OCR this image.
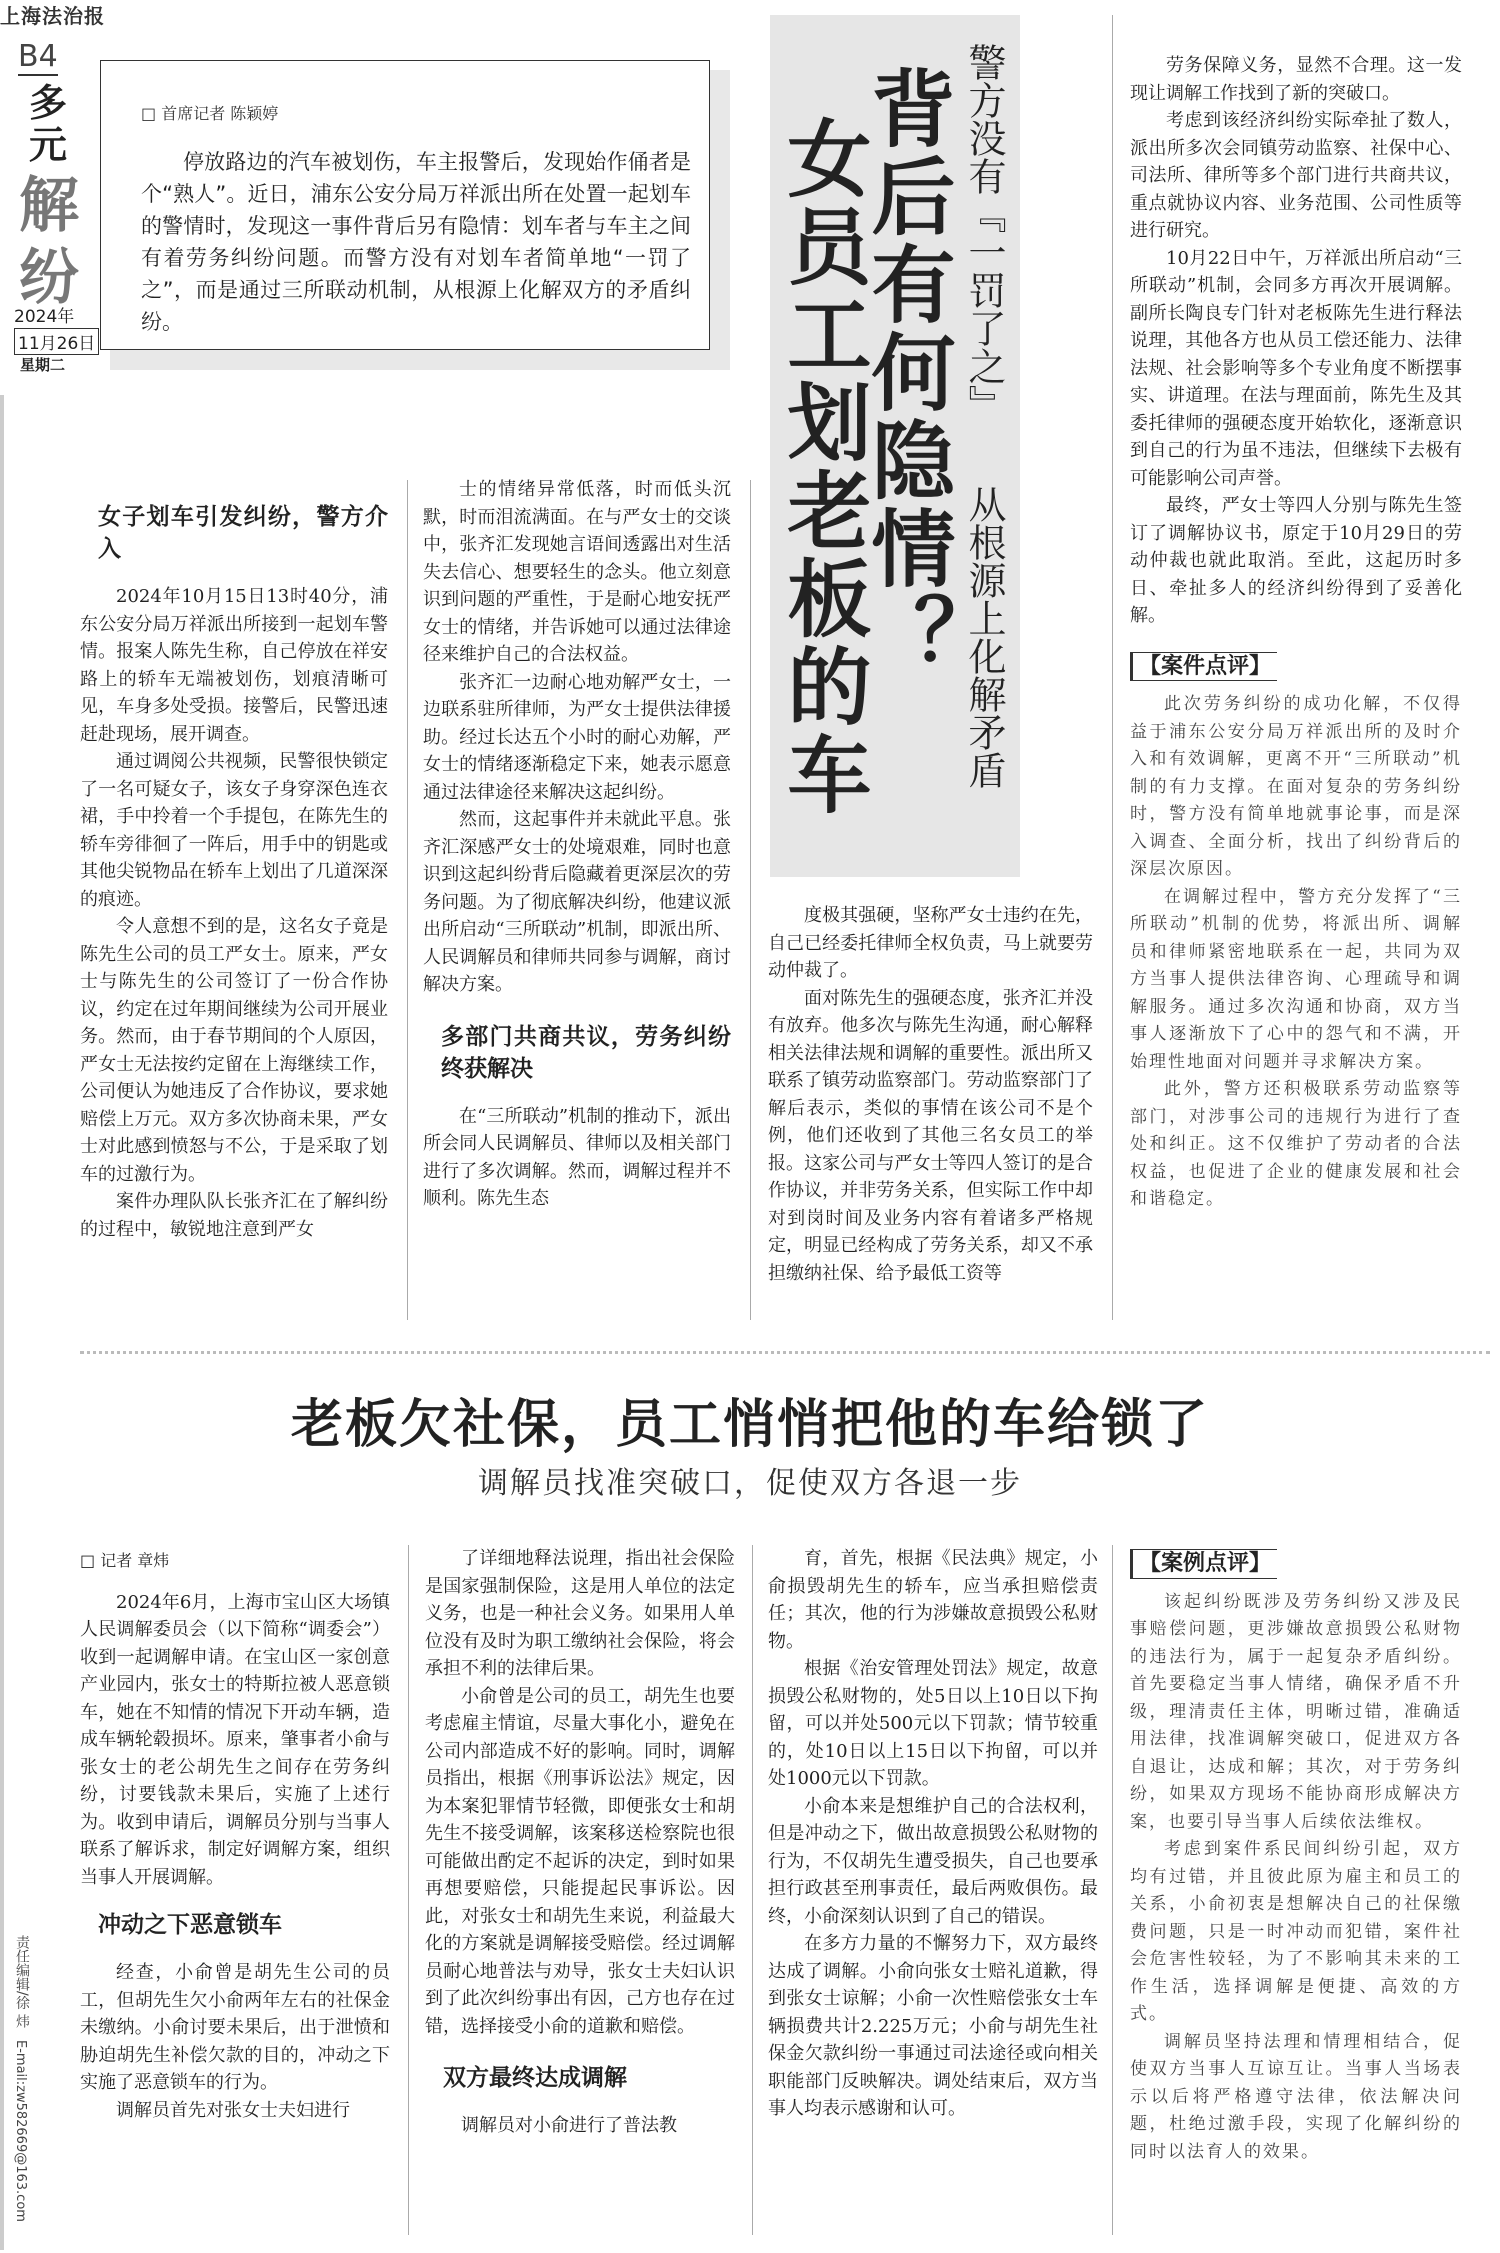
上海法治报
B4
多元
解纷
2024年
11月26日
星期二
责任编辑/徐 炜
E-mail:zw582669@163.com
□ 首席记者 陈颖婷

停放路边的汽车被划伤，车主报警后，发现始作俑者是个“熟人”。近日，浦东公安分局万祥派出所在处置一起划车的警情时，发现这一事件背后另有隐情：划车者与车主之间有着劳务纠纷问题。而警方没有对划车者简单地“一罚了之”，而是通过三所联动机制，从根源上化解双方的矛盾纠纷。	警方没有『一罚了之』
从根源上化解矛盾
背后有何隐情？
女员工划老板的车
女子划车引发纠纷，警方介入

2024年10月15日13时40分，浦东公安分局万祥派出所接到一起划车警情。报案人陈先生称，自己停放在祥安路上的轿车无端被划伤，划痕清晰可见，车身多处受损。接警后，民警迅速赶赴现场，展开调查。

通过调阅公共视频，民警很快锁定了一名可疑女子，该女子身穿深色连衣裙，手中拎着一个手提包，在陈先生的轿车旁徘徊了一阵后，用手中的钥匙或其他尖锐物品在轿车上划出了几道深深的痕迹。

令人意想不到的是，这名女子竟是陈先生公司的员工严女士。原来，严女士与陈先生的公司签订了一份合作协议，约定在过年期间继续为公司开展业务。然而，由于春节期间的个人原因，严女士无法按约定留在上海继续工作，公司便认为她违反了合作协议，要求她赔偿上万元。双方多次协商未果，严女士对此感到愤怒与不公，于是采取了划车的过激行为。

案件办理队队长张齐汇在了解纠纷的过程中，敏锐地注意到严女

士的情绪异常低落，时而低头沉默，时而泪流满面。在与严女士的交谈中，张齐汇发现她言语间透露出对生活失去信心、想要轻生的念头。他立刻意识到问题的严重性，于是耐心地安抚严女士的情绪，并告诉她可以通过法律途径来维护自己的合法权益。

张齐汇一边耐心地劝解严女士，一边联系驻所律师，为严女士提供法律援助。经过长达五个小时的耐心劝解，严女士的情绪逐渐稳定下来，她表示愿意通过法律途径来解决这起纠纷。

然而，这起事件并未就此平息。张齐汇深感严女士的处境艰难，同时也意识到这起纠纷背后隐藏着更深层次的劳务问题。为了彻底解决纠纷，他建议派出所启动“三所联动”机制，即派出所、人民调解员和律师共同参与调解，商讨解决方案。

多部门共商共议，劳务纠纷终获解决

在“三所联动”机制的推动下，派出所会同人民调解员、律师以及相关部门进行了多次调解。然而，调解过程并不顺利。陈先生态

度极其强硬，坚称严女士违约在先，自己已经委托律师全权负责，马上就要劳动仲裁了。

面对陈先生的强硬态度，张齐汇并没有放弃。他多次与陈先生沟通，耐心解释相关法律法规和调解的重要性。派出所又联系了镇劳动监察部门。劳动监察部门了解后表示，类似的事情在该公司不是个例，他们还收到了其他三名女员工的举报。这家公司与严女士等四人签订的是合作协议，并非劳务关系，但实际工作中却对到岗时间及业务内容有着诸多严格规定，明显已经构成了劳务关系，却又不承担缴纳社保、给予最低工资等

劳务保障义务，显然不合理。这一发现让调解工作找到了新的突破口。

考虑到该经济纠纷实际牵扯了数人，派出所多次会同镇劳动监察、社保中心、司法所、律所等多个部门进行共商共议，重点就协议内容、业务范围、公司性质等进行研究。

10月22日中午，万祥派出所启动“三所联动”机制，会同多方再次开展调解。副所长陶良专门针对老板陈先生进行释法说理，其他各方也从员工偿还能力、法律法规、社会影响等多个专业角度不断摆事实、讲道理。在法与理面前，陈先生及其委托律师的强硬态度开始软化，逐渐意识到自己的行为虽不违法，但继续下去极有可能影响公司声誉。

最终，严女士等四人分别与陈先生签订了调解协议书，原定于10月29日的劳动仲裁也就此取消。至此，这起历时多日、牵扯多人的经济纠纷得到了妥善化解。

【案件点评】

此次劳务纠纷的成功化解，不仅得益于浦东公安分局万祥派出所的及时介入和有效调解，更离不开“三所联动”机制的有力支撑。在面对复杂的劳务纠纷时，警方没有简单地就事论事，而是深入调查、全面分析，找出了纠纷背后的深层次原因。

在调解过程中，警方充分发挥了“三所联动”机制的优势，将派出所、调解员和律师紧密地联系在一起，共同为双方当事人提供法律咨询、心理疏导和调解服务。通过多次沟通和协商，双方当事人逐渐放下了心中的怨气和不满，开始理性地面对问题并寻求解决方案。

此外，警方还积极联系劳动监察等部门，对涉事公司的违规行为进行了查处和纠正。这不仅维护了劳动者的合法权益，也促进了企业的健康发展和社会和谐稳定。

老板欠社保，员工悄悄把他的车给锁了
调解员找准突破口，促使双方各退一步
□ 记者 章炜

2024年6月，上海市宝山区大场镇人民调解委员会（以下简称“调委会”）收到一起调解申请。在宝山区一家创意产业园内，张女士的特斯拉被人恶意锁车，她在不知情的情况下开动车辆，造成车辆轮毂损坏。原来，肇事者小俞与张女士的老公胡先生之间存在劳务纠纷，讨要钱款未果后，实施了上述行为。收到申请后，调解员分别与当事人联系了解诉求，制定好调解方案，组织当事人开展调解。

冲动之下恶意锁车

经查，小俞曾是胡先生公司的员工，但胡先生欠小俞两年左右的社保金未缴纳。小俞讨要未果后，出于泄愤和胁迫胡先生补偿欠款的目的，冲动之下实施了恶意锁车的行为。

调解员首先对张女士夫妇进行

了详细地释法说理，指出社会保险是国家强制保险，这是用人单位的法定义务，也是一种社会义务。如果用人单位没有及时为职工缴纳社会保险，将会承担不利的法律后果。

小俞曾是公司的员工，胡先生也要考虑雇主情谊，尽量大事化小，避免在公司内部造成不好的影响。同时，调解员指出，根据《刑事诉讼法》规定，因为本案犯罪情节轻微，即便张女士和胡先生不接受调解，该案移送检察院也很可能做出酌定不起诉的决定，到时如果再想要赔偿，只能提起民事诉讼。因此，对张女士和胡先生来说，利益最大化的方案就是调解接受赔偿。经过调解员耐心地普法与劝导，张女士夫妇认识到了此次纠纷事出有因，己方也存在过错，选择接受小俞的道歉和赔偿。

双方最终达成调解

调解员对小俞进行了普法教

育，首先，根据《民法典》规定，小俞损毁胡先生的轿车，应当承担赔偿责任；其次，他的行为涉嫌故意损毁公私财物。

根据《治安管理处罚法》规定，故意损毁公私财物的，处5日以上10日以下拘留，可以并处500元以下罚款；情节较重的，处10日以上15日以下拘留，可以并处1000元以下罚款。

小俞本来是想维护自己的合法权利，但是冲动之下，做出故意损毁公私财物的行为，不仅胡先生遭受损失，自己也要承担行政甚至刑事责任，最后两败俱伤。最终，小俞深刻认识到了自己的错误。

在多方力量的不懈努力下，双方最终达成了调解。小俞向张女士赔礼道歉，得到张女士谅解；小俞一次性赔偿张女士车辆损费共计2.225万元；小俞与胡先生社保金欠款纠纷一事通过司法途径或向相关职能部门反映解决。调处结束后，双方当事人均表示感谢和认可。

【案例点评】

该起纠纷既涉及劳务纠纷又涉及民事赔偿问题，更涉嫌故意损毁公私财物的违法行为，属于一起复杂矛盾纠纷。首先要稳定当事人情绪，确保矛盾不升级，理清责任主体，明晰过错，准确适用法律，找准调解突破口，促进双方各自退让，达成和解；其次，对于劳务纠纷，如果双方现场不能协商形成解决方案，也要引导当事人后续依法维权。

考虑到案件系民间纠纷引起，双方均有过错，并且彼此原为雇主和员工的关系，小俞初衷是想解决自己的社保缴费问题，只是一时冲动而犯错，案件社会危害性较轻，为了不影响其未来的工作生活，选择调解是便捷、高效的方式。

调解员坚持法理和情理相结合，促使双方当事人互谅互让。当事人当场表示以后将严格遵守法律，依法解决问题，杜绝过激手段，实现了化解纠纷的同时以法育人的效果。
